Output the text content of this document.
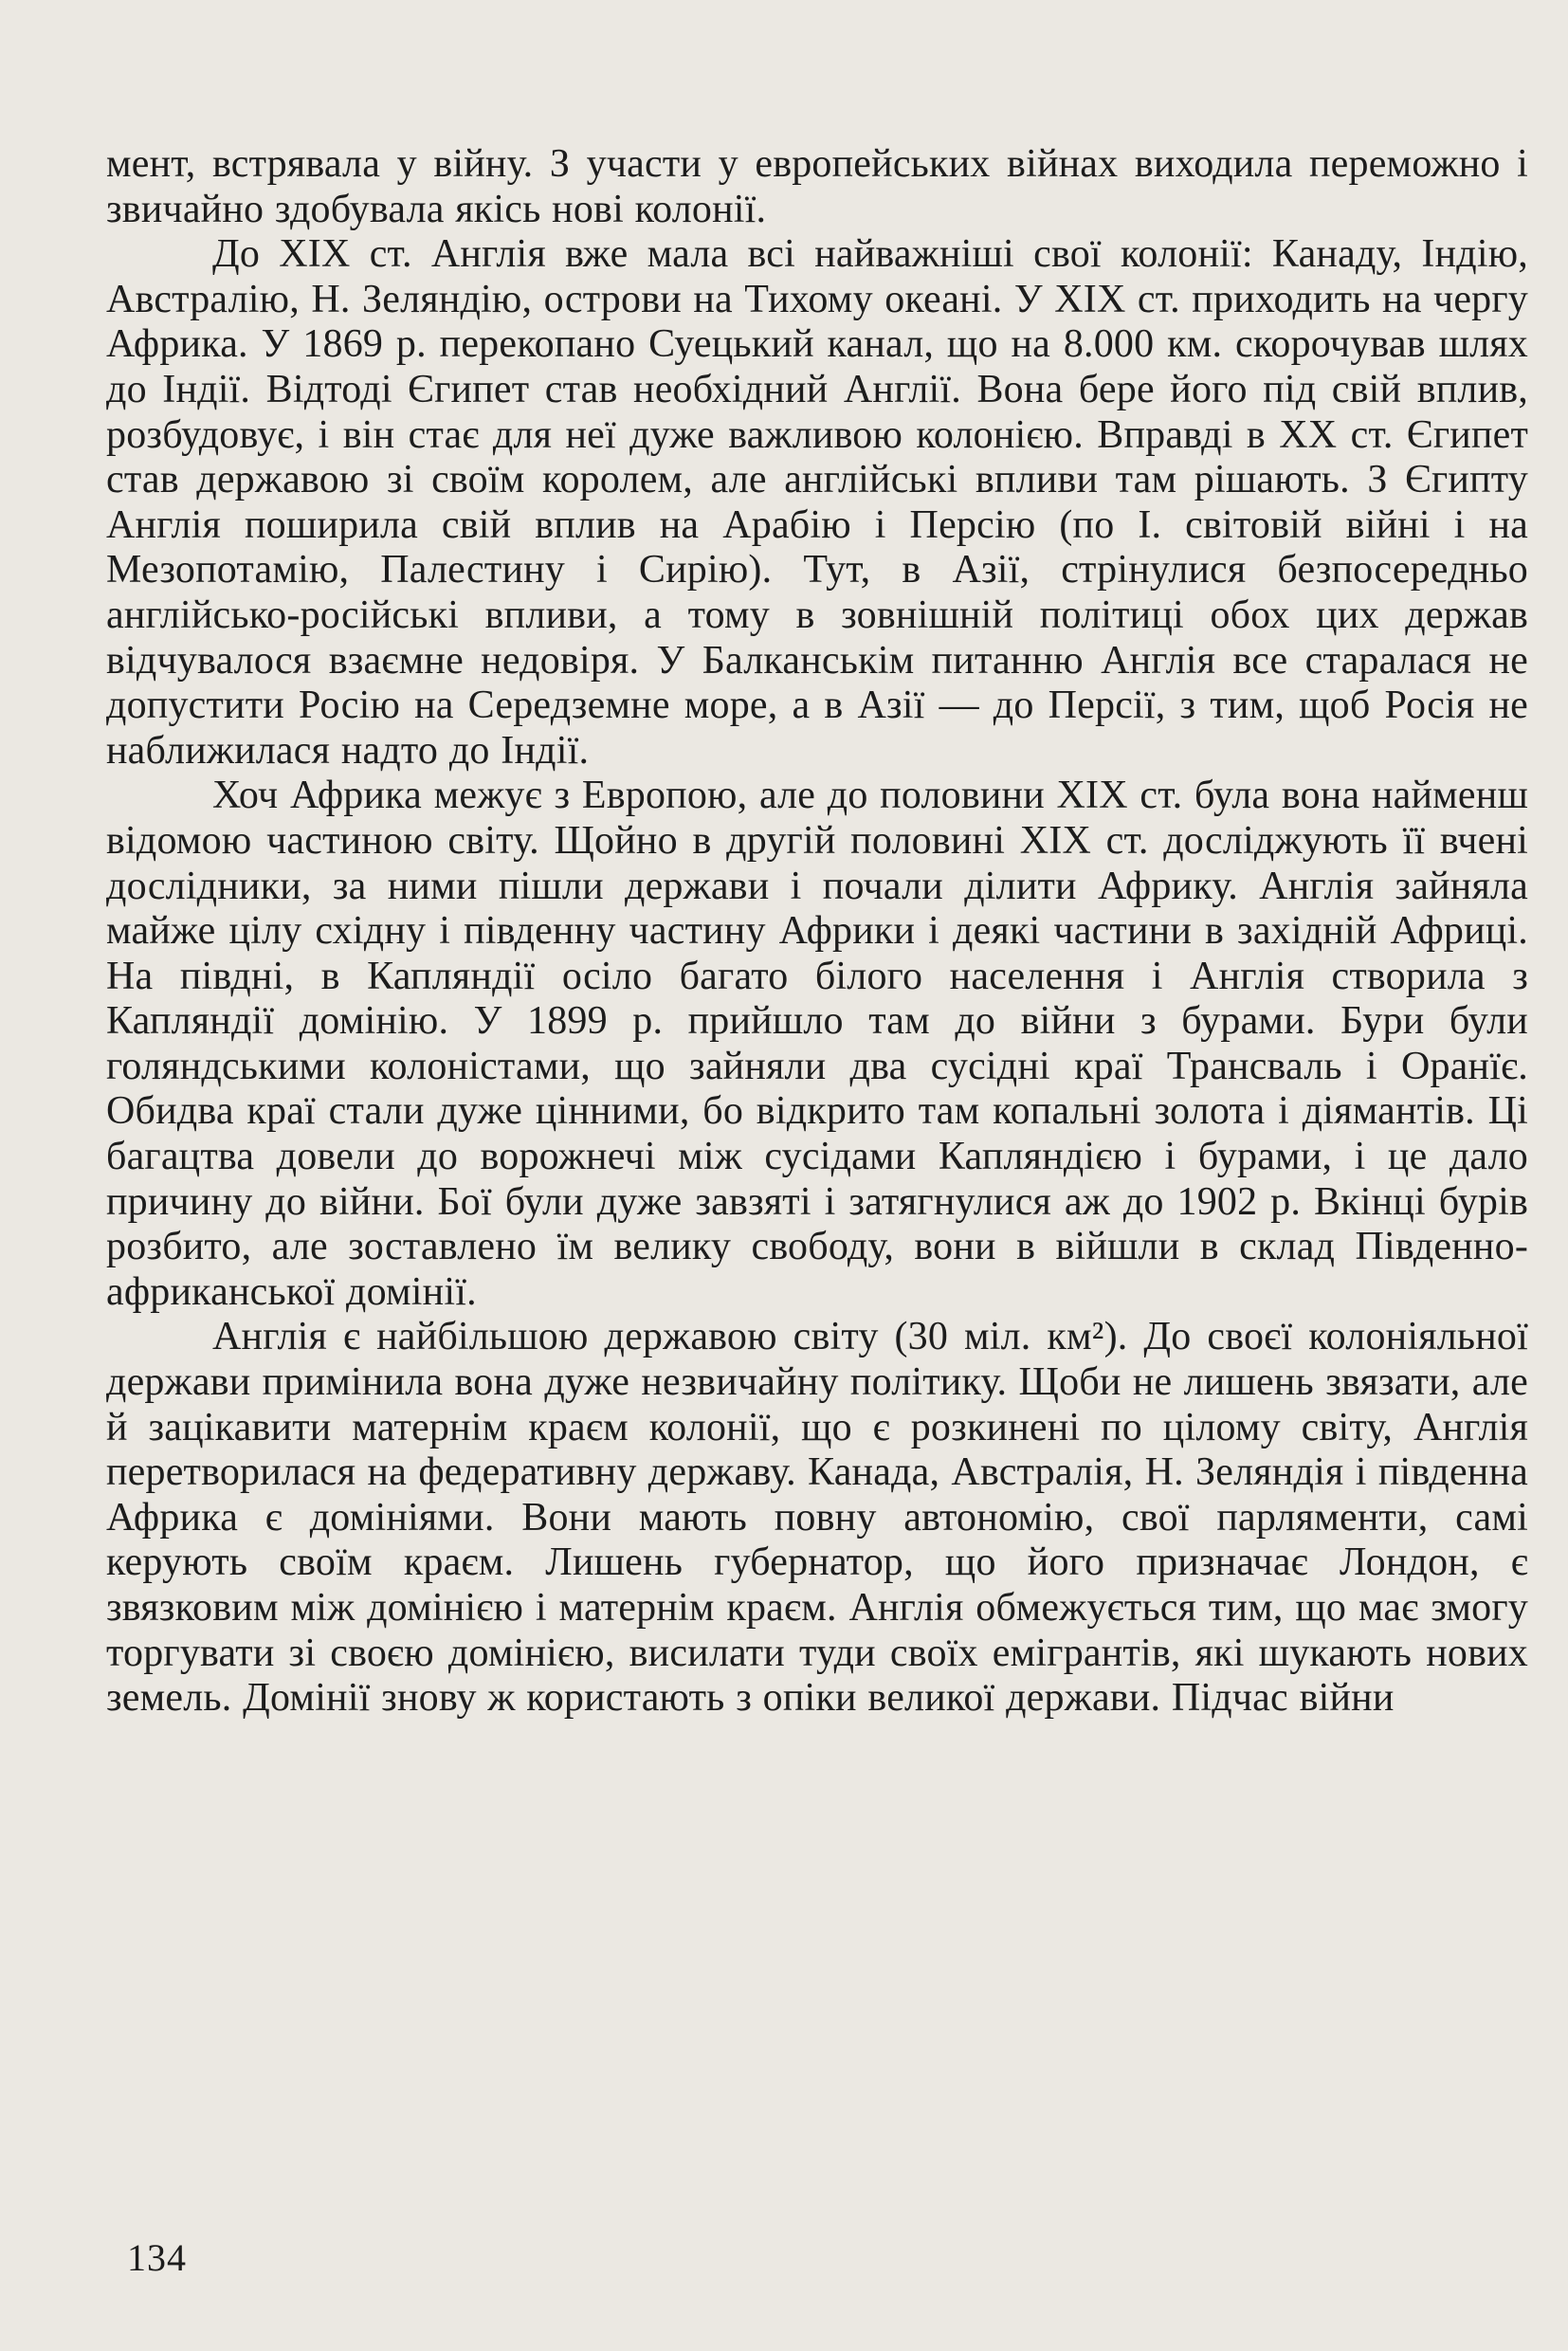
мент, встрявала у війну. З участи у европейських війнах виходила переможно і звичайно здобувала якісь нові колонії.

До XIX ст. Англія вже мала всі найважніші свої колонії: Канаду, Індію, Австралію, Н. Зеляндію, острови на Тихому океані. У XIX ст. приходить на чергу Африка. У 1869 р. перекопано Суецький канал, що на 8.000 км. скорочував шлях до Індії. Відтоді Єгипет став необхідний Англії. Вона бере його під свій вплив, розбудовує, і він стає для неї дуже важливою колонією. Вправді в XX ст. Єгипет став державою зі своїм королем, але англійські впливи там рішають. З Єгипту Англія поширила свій вплив на Арабію і Персію (по І. світовій війні і на Мезопотамію, Палестину і Сирію). Тут, в Азії, стрінулися безпосередньо англійсько-російські впливи, а тому в зовнішній політиці обох цих держав відчувалося взаємне недовіря. У Балканськім питанню Англія все старалася не допустити Росію на Середземне море, а в Азії — до Персії, з тим, щоб Росія не наближилася надто до Індії.

Хоч Африка межує з Европою, але до половини XIX ст. була вона найменш відомою частиною світу. Щойно в другій половині XIX ст. досліджують її вчені дослідники, за ними пішли держави і почали ділити Африку. Англія зайняла майже цілу східну і південну частину Африки і деякі частини в західній Африці. На півдні, в Капляндії осіло багато білого населення і Англія створила з Капляндії домінію. У 1899 р. прийшло там до війни з бурами. Бури були голяндськими колоністами, що зайняли два сусідні краї Трансваль і Оранїє. Обидва краї стали дуже цінними, бо відкрито там копальні золота і діямантів. Ці багацтва довели до ворожнечі між сусідами Капляндією і бурами, і це дало причину до війни. Бої були дуже завзяті і затягнулися аж до 1902 р. Вкінці бурів розбито, але зоставлено їм велику свободу, вони в війшли в склад Південно-африканської домінії.

Англія є найбільшою державою світу (30 міл. км²). До своєї колоніяльної держави примінила вона дуже незвичайну політику. Щоби не лишень звязати, але й зацікавити матернім краєм колонії, що є розкинені по цілому світу, Англія перетворилася на федеративну державу. Канада, Австралія, Н. Зеляндія і південна Африка є домініями. Вони мають повну автономію, свої парляменти, самі керують своїм краєм. Лишень губернатор, що його призначає Лондон, є звязковим між домінією і матернім краєм. Англія обмежується тим, що має змогу торгувати зі своєю домінією, висилати туди своїх емігрантів, які шукають нових земель. Домінії знову ж користають з опіки великої держави. Підчас війни

134
